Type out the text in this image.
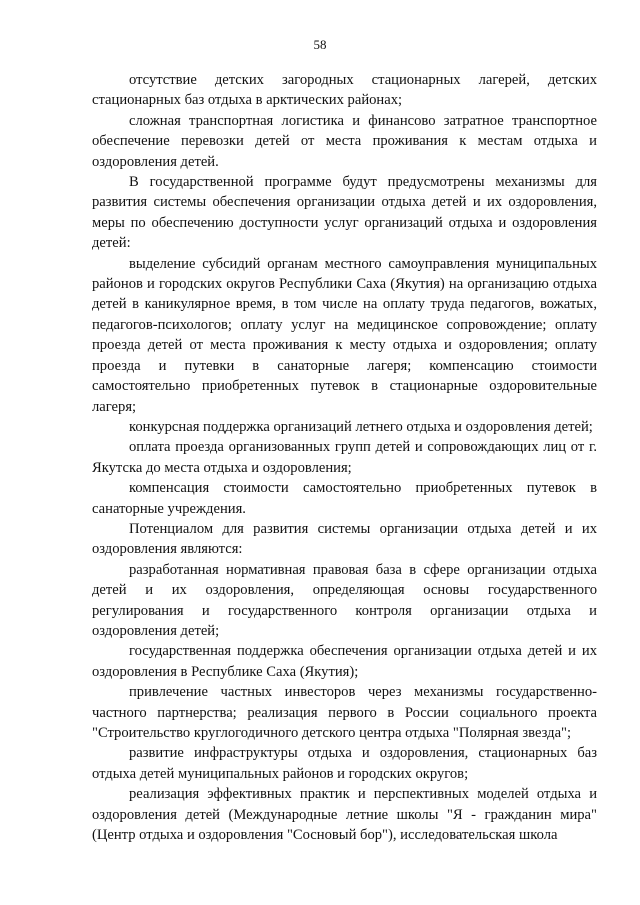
58

отсутствие детских загородных стационарных лагерей, детских стационарных баз отдыха в арктических районах;

сложная транспортная логистика и финансово затратное транспортное обеспечение перевозки детей от места проживания к местам отдыха и оздоровления детей.

В государственной программе будут предусмотрены механизмы для развития системы обеспечения организации отдыха детей и их оздоровления, меры по обеспечению доступности услуг организаций отдыха и оздоровления детей:

выделение субсидий органам местного самоуправления муниципальных районов и городских округов Республики Саха (Якутия) на организацию отдыха детей в каникулярное время, в том числе на оплату труда педагогов, вожатых, педагогов-психологов; оплату услуг на медицинское сопровождение; оплату проезда детей от места проживания к месту отдыха и оздоровления; оплату проезда и путевки в санаторные лагеря; компенсацию стоимости самостоятельно приобретенных путевок в стационарные оздоровительные лагеря;

конкурсная поддержка организаций летнего отдыха и оздоровления детей;

оплата проезда организованных групп детей и сопровождающих лиц от г. Якутска до места отдыха и оздоровления;

компенсация стоимости самостоятельно приобретенных путевок в санаторные учреждения.

Потенциалом для развития системы организации отдыха детей и их оздоровления являются:

разработанная нормативная правовая база в сфере организации отдыха детей и их оздоровления, определяющая основы государственного регулирования и государственного контроля организации отдыха и оздоровления детей;

государственная поддержка обеспечения организации отдыха детей и их оздоровления в Республике Саха (Якутия);

привлечение частных инвесторов через механизмы государственно-частного партнерства; реализация первого в России социального проекта "Строительство круглогодичного детского центра отдыха "Полярная звезда";

развитие инфраструктуры отдыха и оздоровления, стационарных баз отдыха детей муниципальных районов и городских округов;

реализация эффективных практик и перспективных моделей отдыха и оздоровления детей (Международные летние школы "Я - гражданин мира" (Центр отдыха и оздоровления "Сосновый бор"), исследовательская школа
